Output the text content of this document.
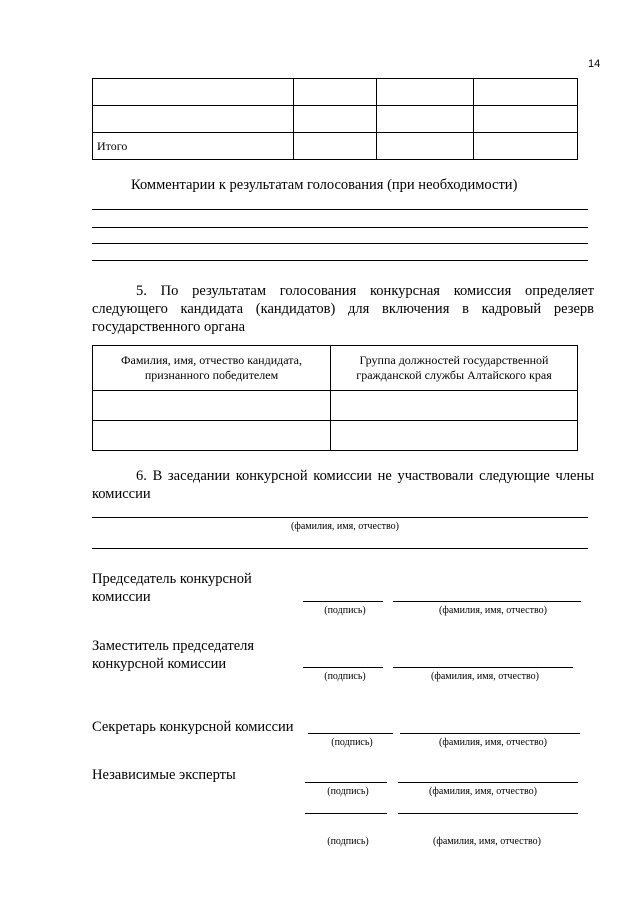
14

Итого			
Комментарии к результатам голосования (при необходимости)
5. По результатам голосования конкурсная комиссия определяет следующего кандидата (кандидатов) для включения в кадровый резерв государственного органа
Фамилия, имя, отчество кандидата, признанного победителем	Группа должностей государственной гражданской службы Алтайского края

6. В заседании конкурсной комиссии не участвовали следующие члены комиссии
(фамилия, имя, отчество)
Председатель конкурсной комиссии
(подпись)	(фамилия, имя, отчество)
Заместитель председателя конкурсной комиссии
(подпись)	(фамилия, имя, отчество)
Секретарь конкурсной комиссии
(подпись)	(фамилия, имя, отчество)
Независимые эксперты
(подпись)	(фамилия, имя, отчество)
(подпись)	(фамилия, имя, отчество)
